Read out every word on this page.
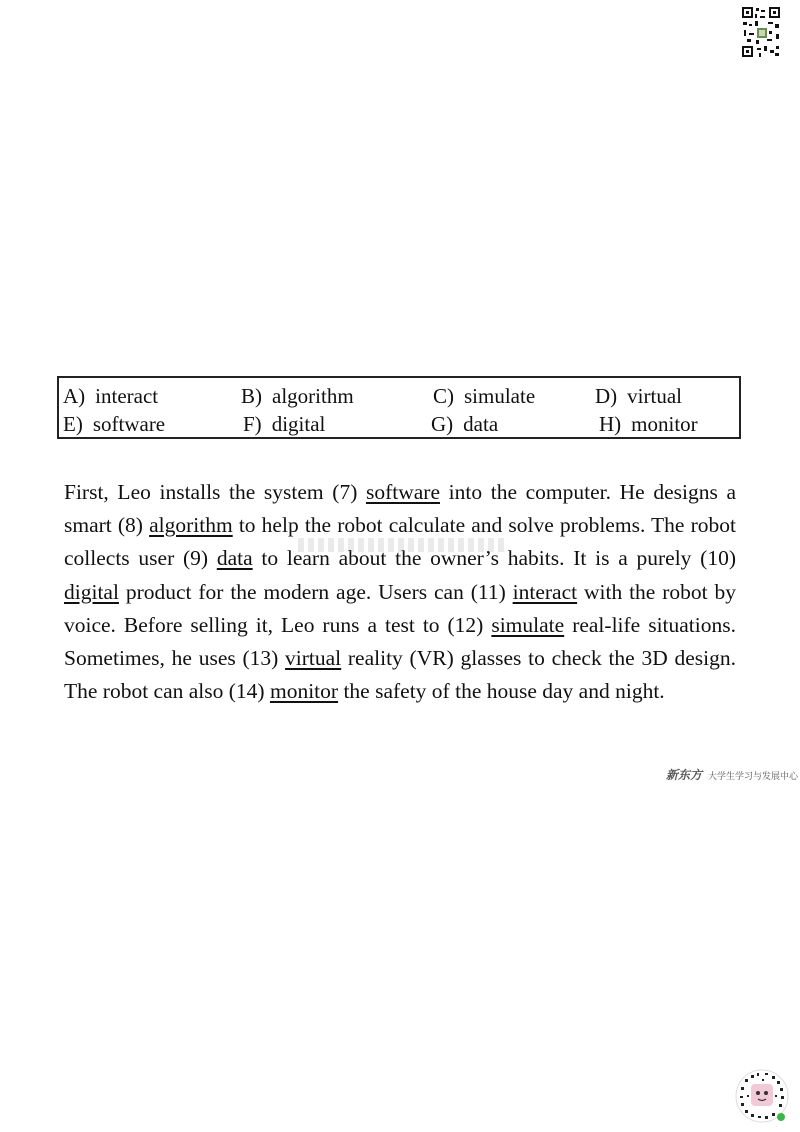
A) interact	B) algorithm	C) simulate	D) virtual
E) software	F) digital	G) data	H) monitor
First, Leo installs the system (7) software into the computer. He designs a smart (8) algorithm to help the robot calculate and solve problems. The robot collects user (9) data to learn about the owner’s habits. It is a purely (10) digital product for the modern age. Users can (11) interact with the robot by voice. Before selling it, Leo runs a test to (12) simulate real-life situations. Sometimes, he uses (13) virtual reality (VR) glasses to check the 3D design. The robot can also (14) monitor the safety of the house day and night.
新东方 大学生学习与发展中心
